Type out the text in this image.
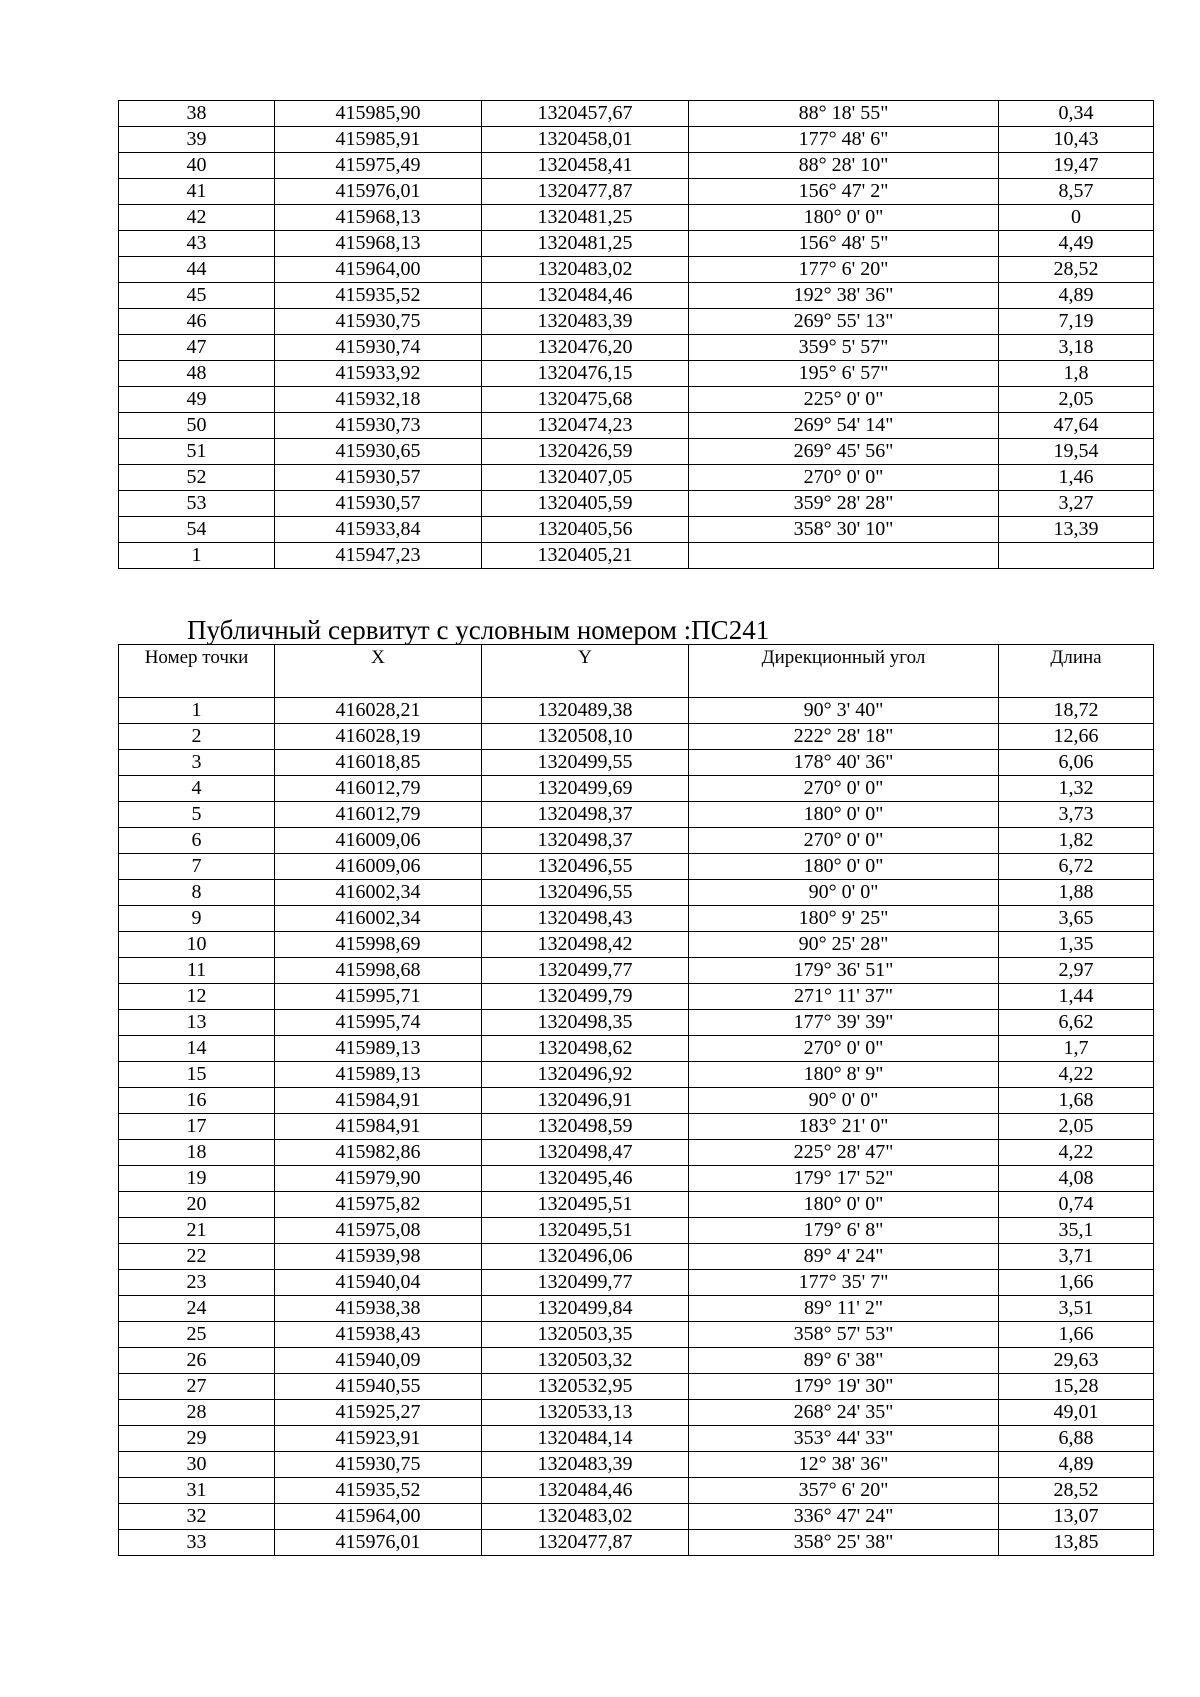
38	415985,90	1320457,67	88° 18' 55"	0,34
39	415985,91	1320458,01	177° 48' 6"	10,43
40	415975,49	1320458,41	88° 28' 10"	19,47
41	415976,01	1320477,87	156° 47' 2"	8,57
42	415968,13	1320481,25	180° 0' 0"	0
43	415968,13	1320481,25	156° 48' 5"	4,49
44	415964,00	1320483,02	177° 6' 20"	28,52
45	415935,52	1320484,46	192° 38' 36"	4,89
46	415930,75	1320483,39	269° 55' 13"	7,19
47	415930,74	1320476,20	359° 5' 57"	3,18
48	415933,92	1320476,15	195° 6' 57"	1,8
49	415932,18	1320475,68	225° 0' 0"	2,05
50	415930,73	1320474,23	269° 54' 14"	47,64
51	415930,65	1320426,59	269° 45' 56"	19,54
52	415930,57	1320407,05	270° 0' 0"	1,46
53	415930,57	1320405,59	359° 28' 28"	3,27
54	415933,84	1320405,56	358° 30' 10"	13,39
1	415947,23	1320405,21		
Публичный сервитут с условным номером :ПС241
Номер точки	X	Y	Дирекционный угол	Длина
1	416028,21	1320489,38	90° 3' 40"	18,72
2	416028,19	1320508,10	222° 28' 18"	12,66
3	416018,85	1320499,55	178° 40' 36"	6,06
4	416012,79	1320499,69	270° 0' 0"	1,32
5	416012,79	1320498,37	180° 0' 0"	3,73
6	416009,06	1320498,37	270° 0' 0"	1,82
7	416009,06	1320496,55	180° 0' 0"	6,72
8	416002,34	1320496,55	90° 0' 0"	1,88
9	416002,34	1320498,43	180° 9' 25"	3,65
10	415998,69	1320498,42	90° 25' 28"	1,35
11	415998,68	1320499,77	179° 36' 51"	2,97
12	415995,71	1320499,79	271° 11' 37"	1,44
13	415995,74	1320498,35	177° 39' 39"	6,62
14	415989,13	1320498,62	270° 0' 0"	1,7
15	415989,13	1320496,92	180° 8' 9"	4,22
16	415984,91	1320496,91	90° 0' 0"	1,68
17	415984,91	1320498,59	183° 21' 0"	2,05
18	415982,86	1320498,47	225° 28' 47"	4,22
19	415979,90	1320495,46	179° 17' 52"	4,08
20	415975,82	1320495,51	180° 0' 0"	0,74
21	415975,08	1320495,51	179° 6' 8"	35,1
22	415939,98	1320496,06	89° 4' 24"	3,71
23	415940,04	1320499,77	177° 35' 7"	1,66
24	415938,38	1320499,84	89° 11' 2"	3,51
25	415938,43	1320503,35	358° 57' 53"	1,66
26	415940,09	1320503,32	89° 6' 38"	29,63
27	415940,55	1320532,95	179° 19' 30"	15,28
28	415925,27	1320533,13	268° 24' 35"	49,01
29	415923,91	1320484,14	353° 44' 33"	6,88
30	415930,75	1320483,39	12° 38' 36"	4,89
31	415935,52	1320484,46	357° 6' 20"	28,52
32	415964,00	1320483,02	336° 47' 24"	13,07
33	415976,01	1320477,87	358° 25' 38"	13,85
